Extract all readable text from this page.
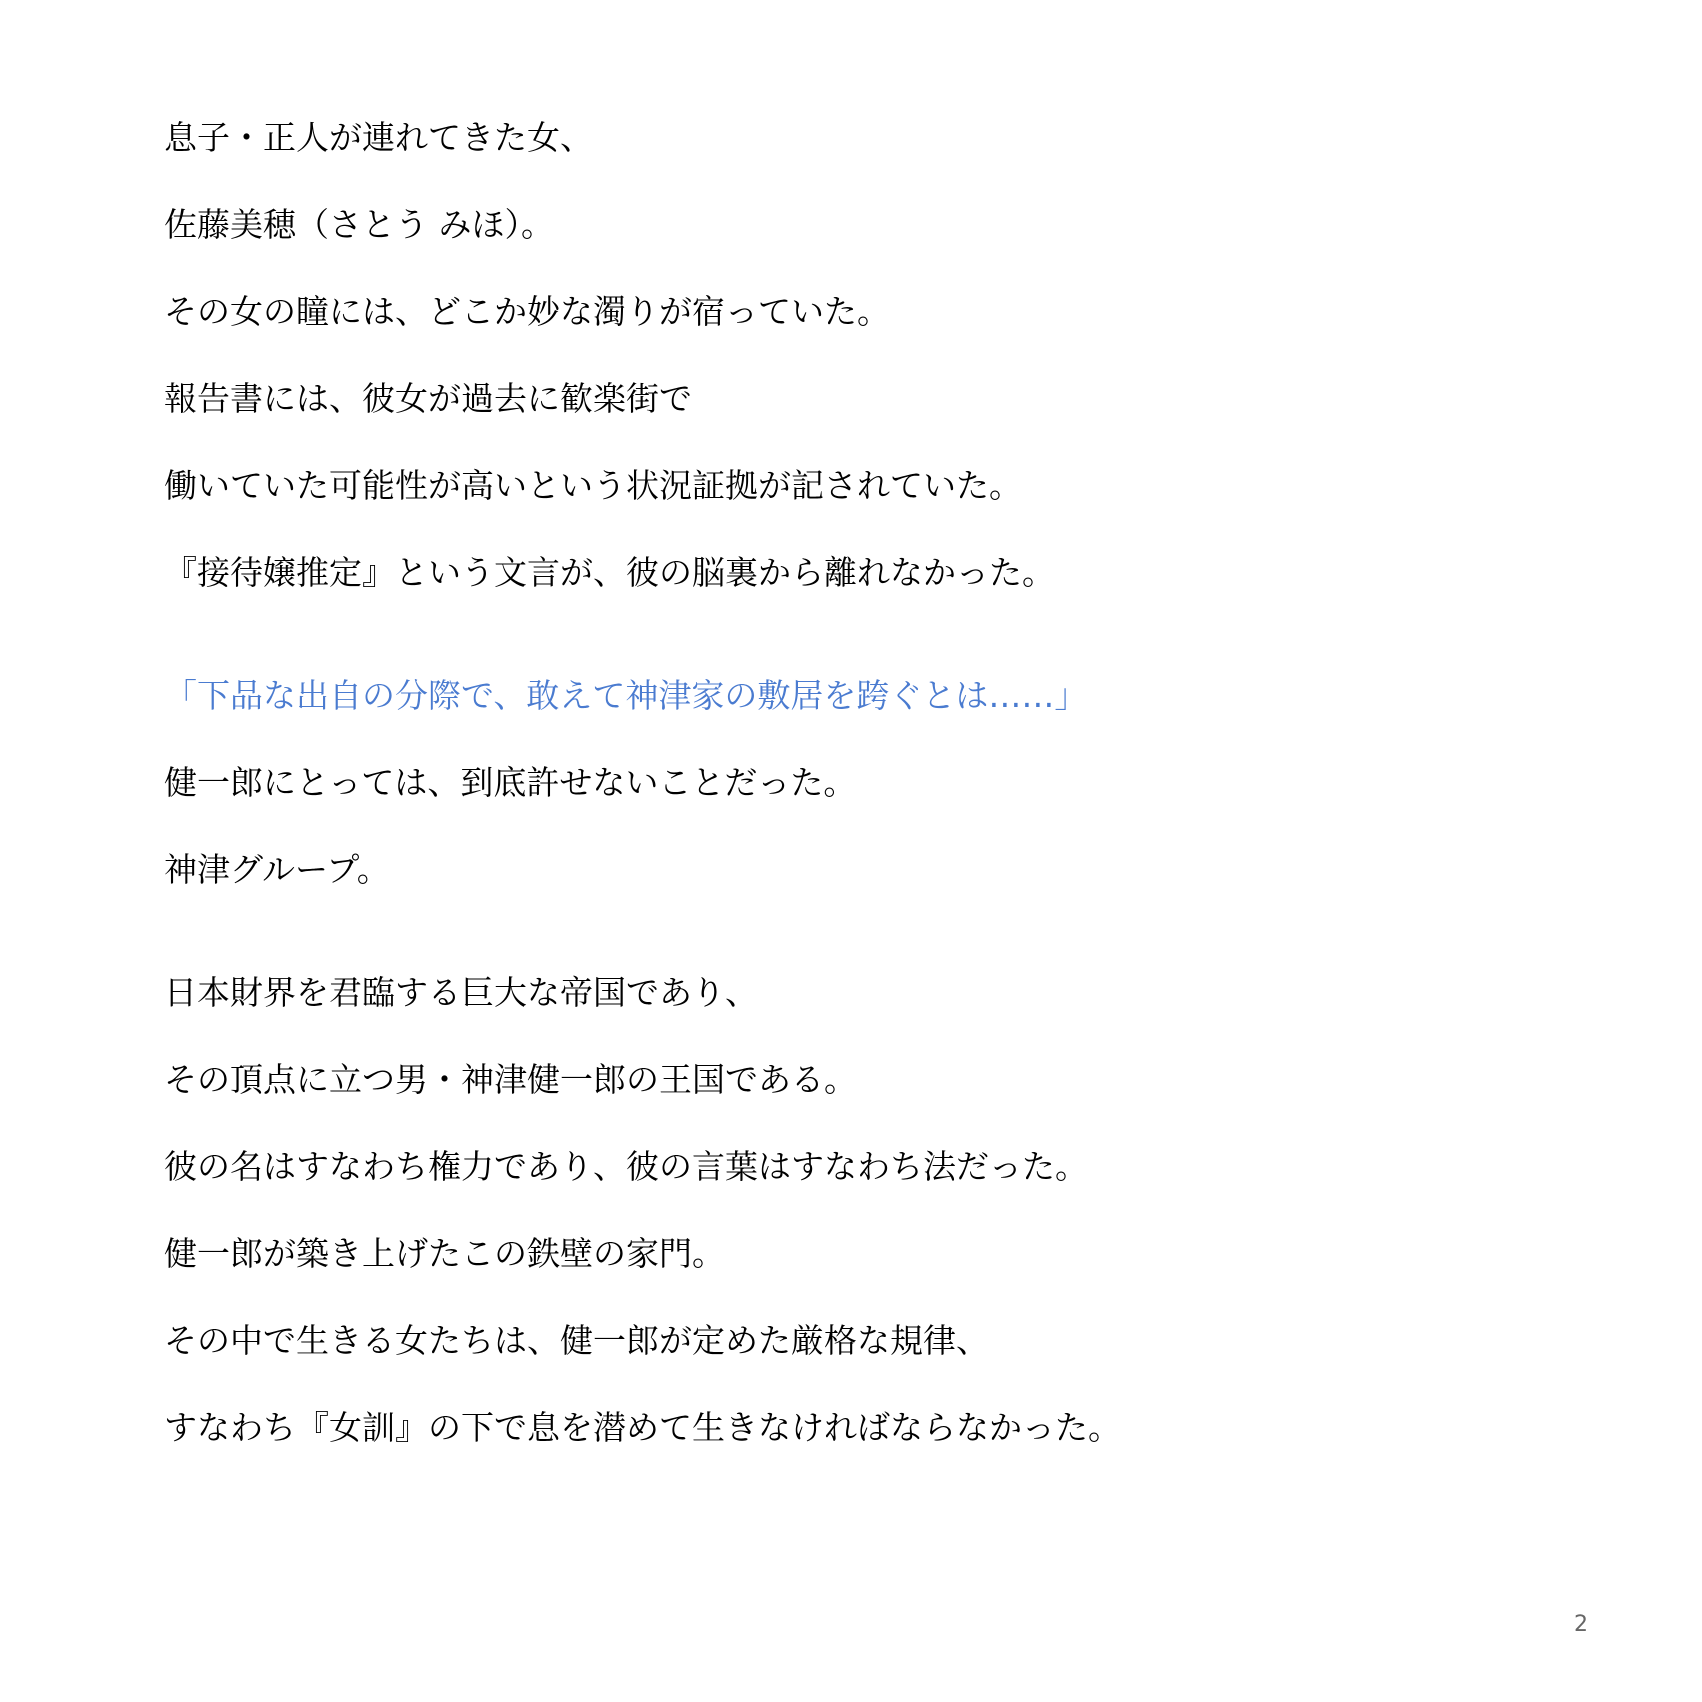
息子・正人が連れてきた女、
佐藤美穂（さとう みほ）。
その女の瞳には、どこか妙な濁りが宿っていた。
報告書には、彼女が過去に歓楽街で
働いていた可能性が高いという状況証拠が記されていた。
『接待嬢推定』という文言が、彼の脳裏から離れなかった。
「下品な出自の分際で、敢えて神津家の敷居を跨ぐとは……」
健一郎にとっては、到底許せないことだった。
神津グループ。
日本財界を君臨する巨大な帝国であり、
その頂点に立つ男・神津健一郎の王国である。
彼の名はすなわち権力であり、彼の言葉はすなわち法だった。
健一郎が築き上げたこの鉄壁の家門。
その中で生きる女たちは、健一郎が定めた厳格な規律、
すなわち『女訓』の下で息を潜めて生きなければならなかった。
2
